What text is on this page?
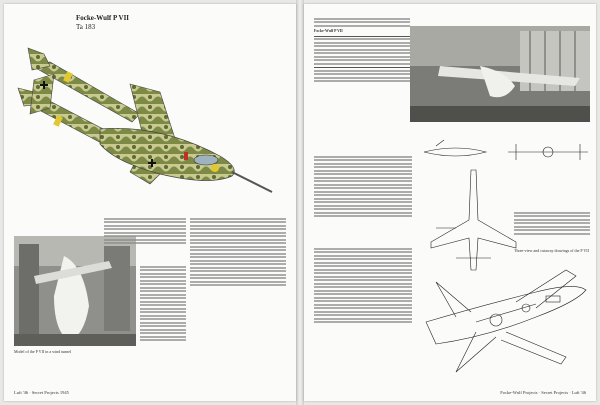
Focke-Wulf P VII
Ta 183
Model of the P VII in a wind tunnel
Luft '46 · Secret Projects 1945
Focke-Wulf P VII
Three-view and cutaway drawings of the P VII
Focke-Wulf Projects · Secret Projects · Luft '46
